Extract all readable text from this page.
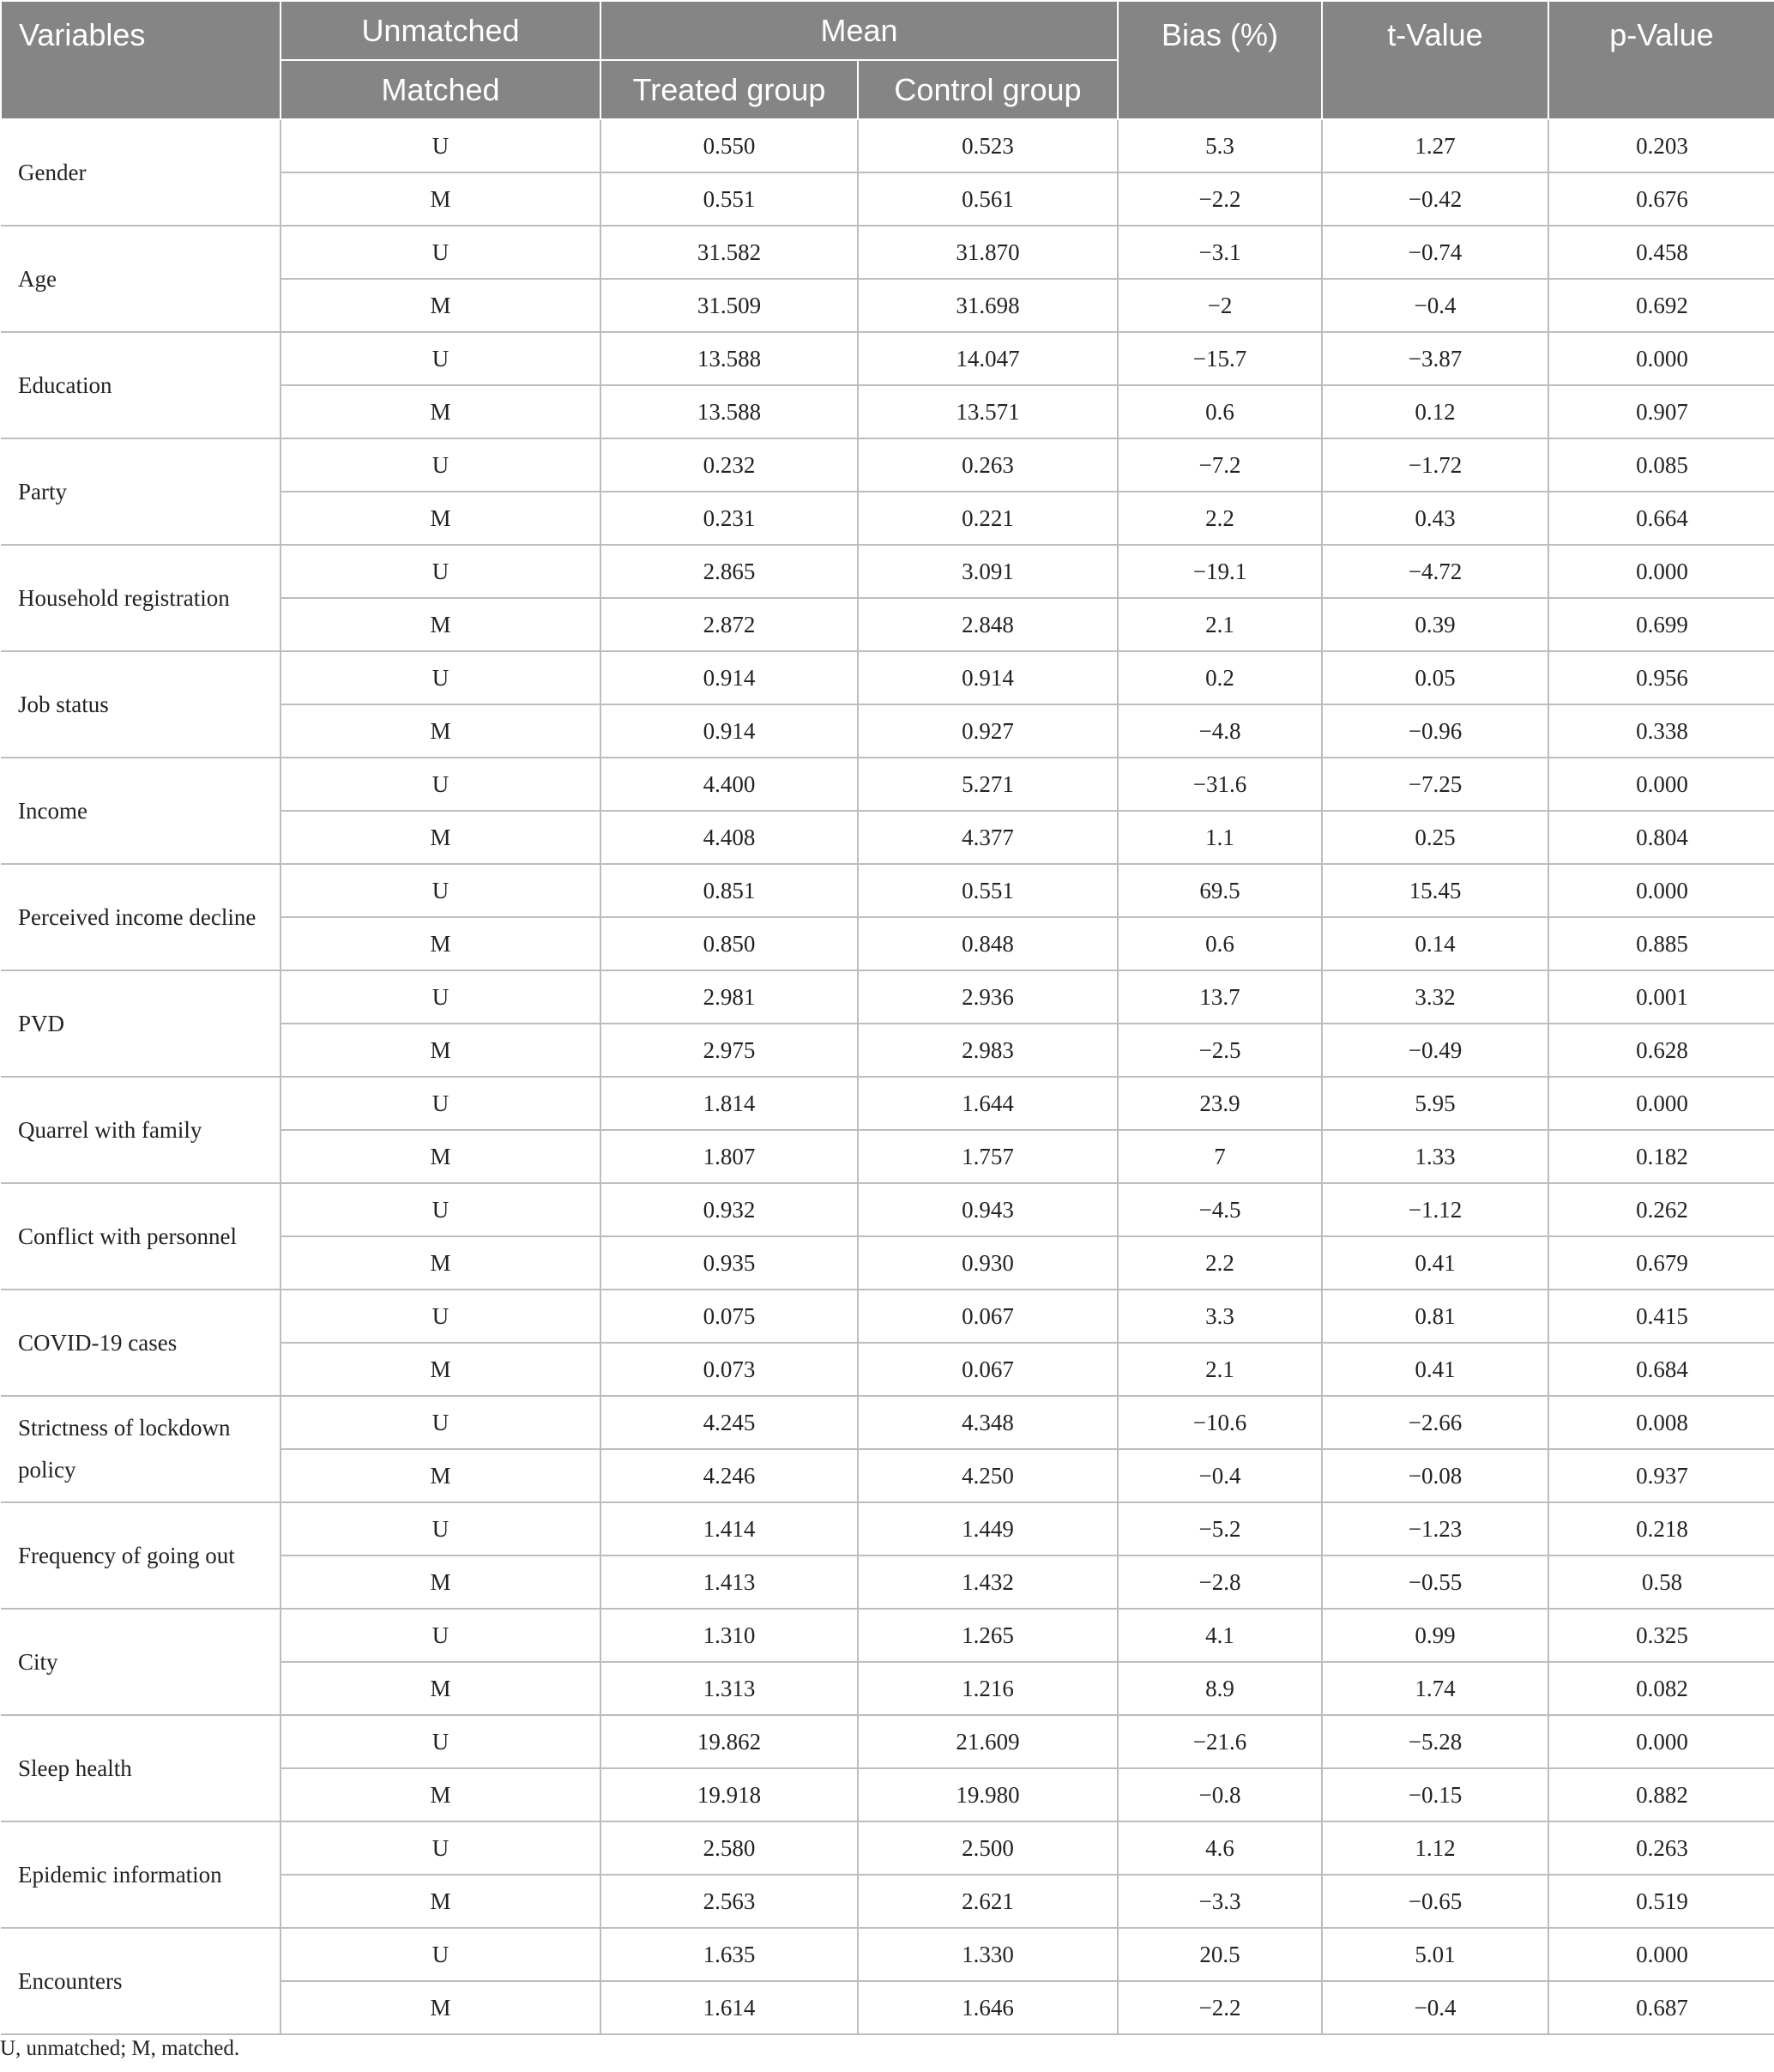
Variables	Unmatched	Mean		Bias (%)	t-Value	p-Value
	Matched	Treated group	Control group			
Gender	U	0.550	0.523	5.3	1.27	0.203
	M	0.551	0.561	−2.2	−0.42	0.676
Age	U	31.582	31.870	−3.1	−0.74	0.458
	M	31.509	31.698	−2	−0.4	0.692
Education	U	13.588	14.047	−15.7	−3.87	0.000
	M	13.588	13.571	0.6	0.12	0.907
Party	U	0.232	0.263	−7.2	−1.72	0.085
	M	0.231	0.221	2.2	0.43	0.664
Household registration	U	2.865	3.091	−19.1	−4.72	0.000
	M	2.872	2.848	2.1	0.39	0.699
Job status	U	0.914	0.914	0.2	0.05	0.956
	M	0.914	0.927	−4.8	−0.96	0.338
Income	U	4.400	5.271	−31.6	−7.25	0.000
	M	4.408	4.377	1.1	0.25	0.804
Perceived income decline	U	0.851	0.551	69.5	15.45	0.000
	M	0.850	0.848	0.6	0.14	0.885
PVD	U	2.981	2.936	13.7	3.32	0.001
	M	2.975	2.983	−2.5	−0.49	0.628
Quarrel with family	U	1.814	1.644	23.9	5.95	0.000
	M	1.807	1.757	7	1.33	0.182
Conflict with personnel	U	0.932	0.943	−4.5	−1.12	0.262
	M	0.935	0.930	2.2	0.41	0.679
COVID-19 cases	U	0.075	0.067	3.3	0.81	0.415
	M	0.073	0.067	2.1	0.41	0.684
Strictness of lockdown policy	U	4.245	4.348	−10.6	−2.66	0.008
	M	4.246	4.250	−0.4	−0.08	0.937
Frequency of going out	U	1.414	1.449	−5.2	−1.23	0.218
	M	1.413	1.432	−2.8	−0.55	0.58
City	U	1.310	1.265	4.1	0.99	0.325
	M	1.313	1.216	8.9	1.74	0.082
Sleep health	U	19.862	21.609	−21.6	−5.28	0.000
	M	19.918	19.980	−0.8	−0.15	0.882
Epidemic information	U	2.580	2.500	4.6	1.12	0.263
	M	2.563	2.621	−3.3	−0.65	0.519
Encounters	U	1.635	1.330	20.5	5.01	0.000
	M	1.614	1.646	−2.2	−0.4	0.687
U, unmatched; M, matched.
